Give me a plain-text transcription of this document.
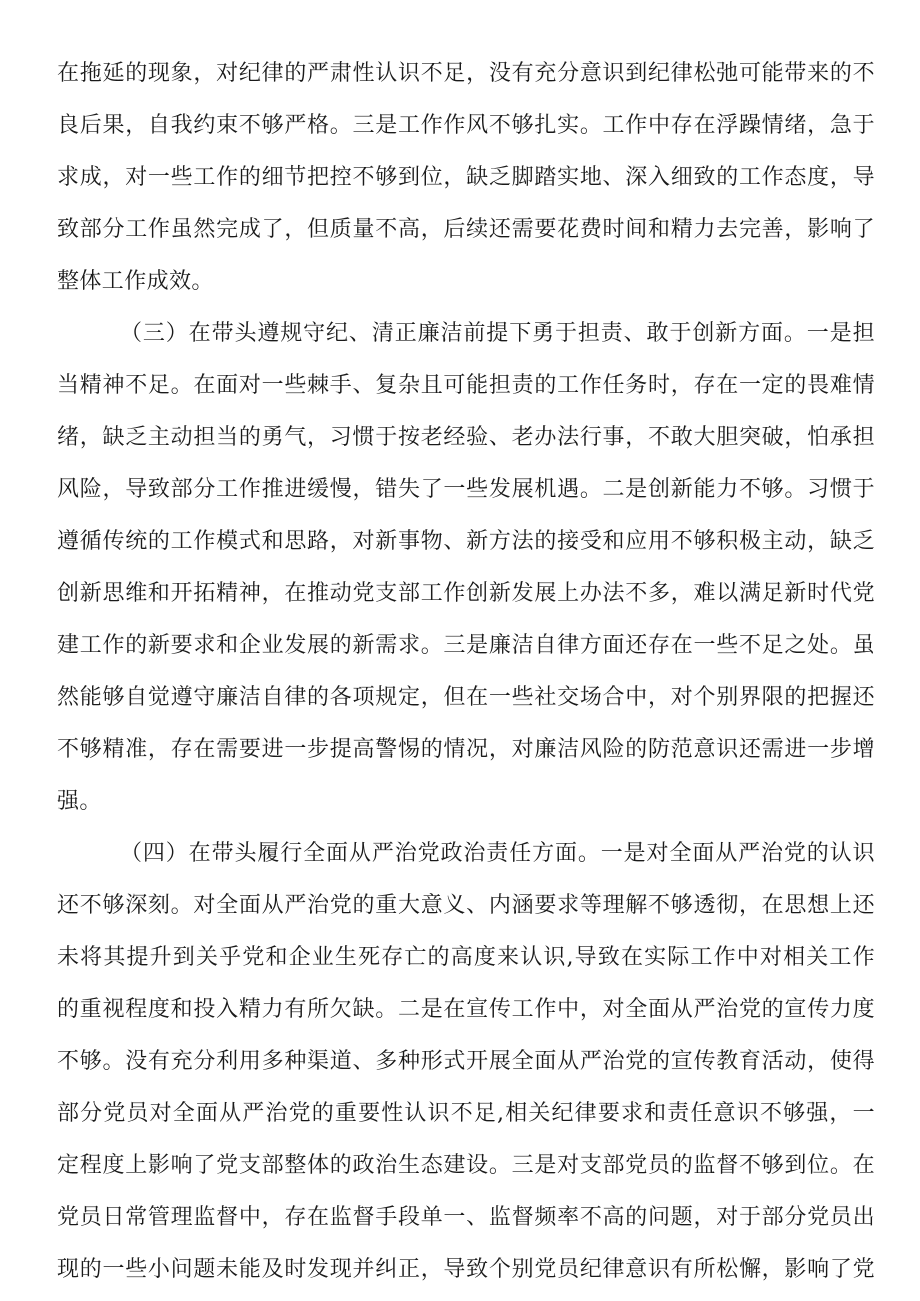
在拖延的现象，对纪律的严肃性认识不足，没有充分意识到纪律松弛可能带来的不
良后果，自我约束不够严格。三是工作作风不够扎实。工作中存在浮躁情绪，急于
求成，对一些工作的细节把控不够到位，缺乏脚踏实地、深入细致的工作态度，导
致部分工作虽然完成了，但质量不高，后续还需要花费时间和精力去完善，影响了
整体工作成效。
（三）在带头遵规守纪、清正廉洁前提下勇于担责、敢于创新方面。一是担
当精神不足。在面对一些棘手、复杂且可能担责的工作任务时，存在一定的畏难情
绪，缺乏主动担当的勇气，习惯于按老经验、老办法行事，不敢大胆突破，怕承担
风险，导致部分工作推进缓慢，错失了一些发展机遇。二是创新能力不够。习惯于
遵循传统的工作模式和思路，对新事物、新方法的接受和应用不够积极主动，缺乏
创新思维和开拓精神，在推动党支部工作创新发展上办法不多，难以满足新时代党
建工作的新要求和企业发展的新需求。三是廉洁自律方面还存在一些不足之处。虽
然能够自觉遵守廉洁自律的各项规定，但在一些社交场合中，对个别界限的把握还
不够精准，存在需要进一步提高警惕的情况，对廉洁风险的防范意识还需进一步增
强。
（四）在带头履行全面从严治党政治责任方面。一是对全面从严治党的认识
还不够深刻。对全面从严治党的重大意义、内涵要求等理解不够透彻，在思想上还
未将其提升到关乎党和企业生死存亡的高度来认识,导致在实际工作中对相关工作
的重视程度和投入精力有所欠缺。二是在宣传工作中，对全面从严治党的宣传力度
不够。没有充分利用多种渠道、多种形式开展全面从严治党的宣传教育活动，使得
部分党员对全面从严治党的重要性认识不足,相关纪律要求和责任意识不够强，一
定程度上影响了党支部整体的政治生态建设。三是对支部党员的监督不够到位。在
党员日常管理监督中，存在监督手段单一、监督频率不高的问题，对于部分党员出
现的一些小问题未能及时发现并纠正，导致个别党员纪律意识有所松懈，影响了党
